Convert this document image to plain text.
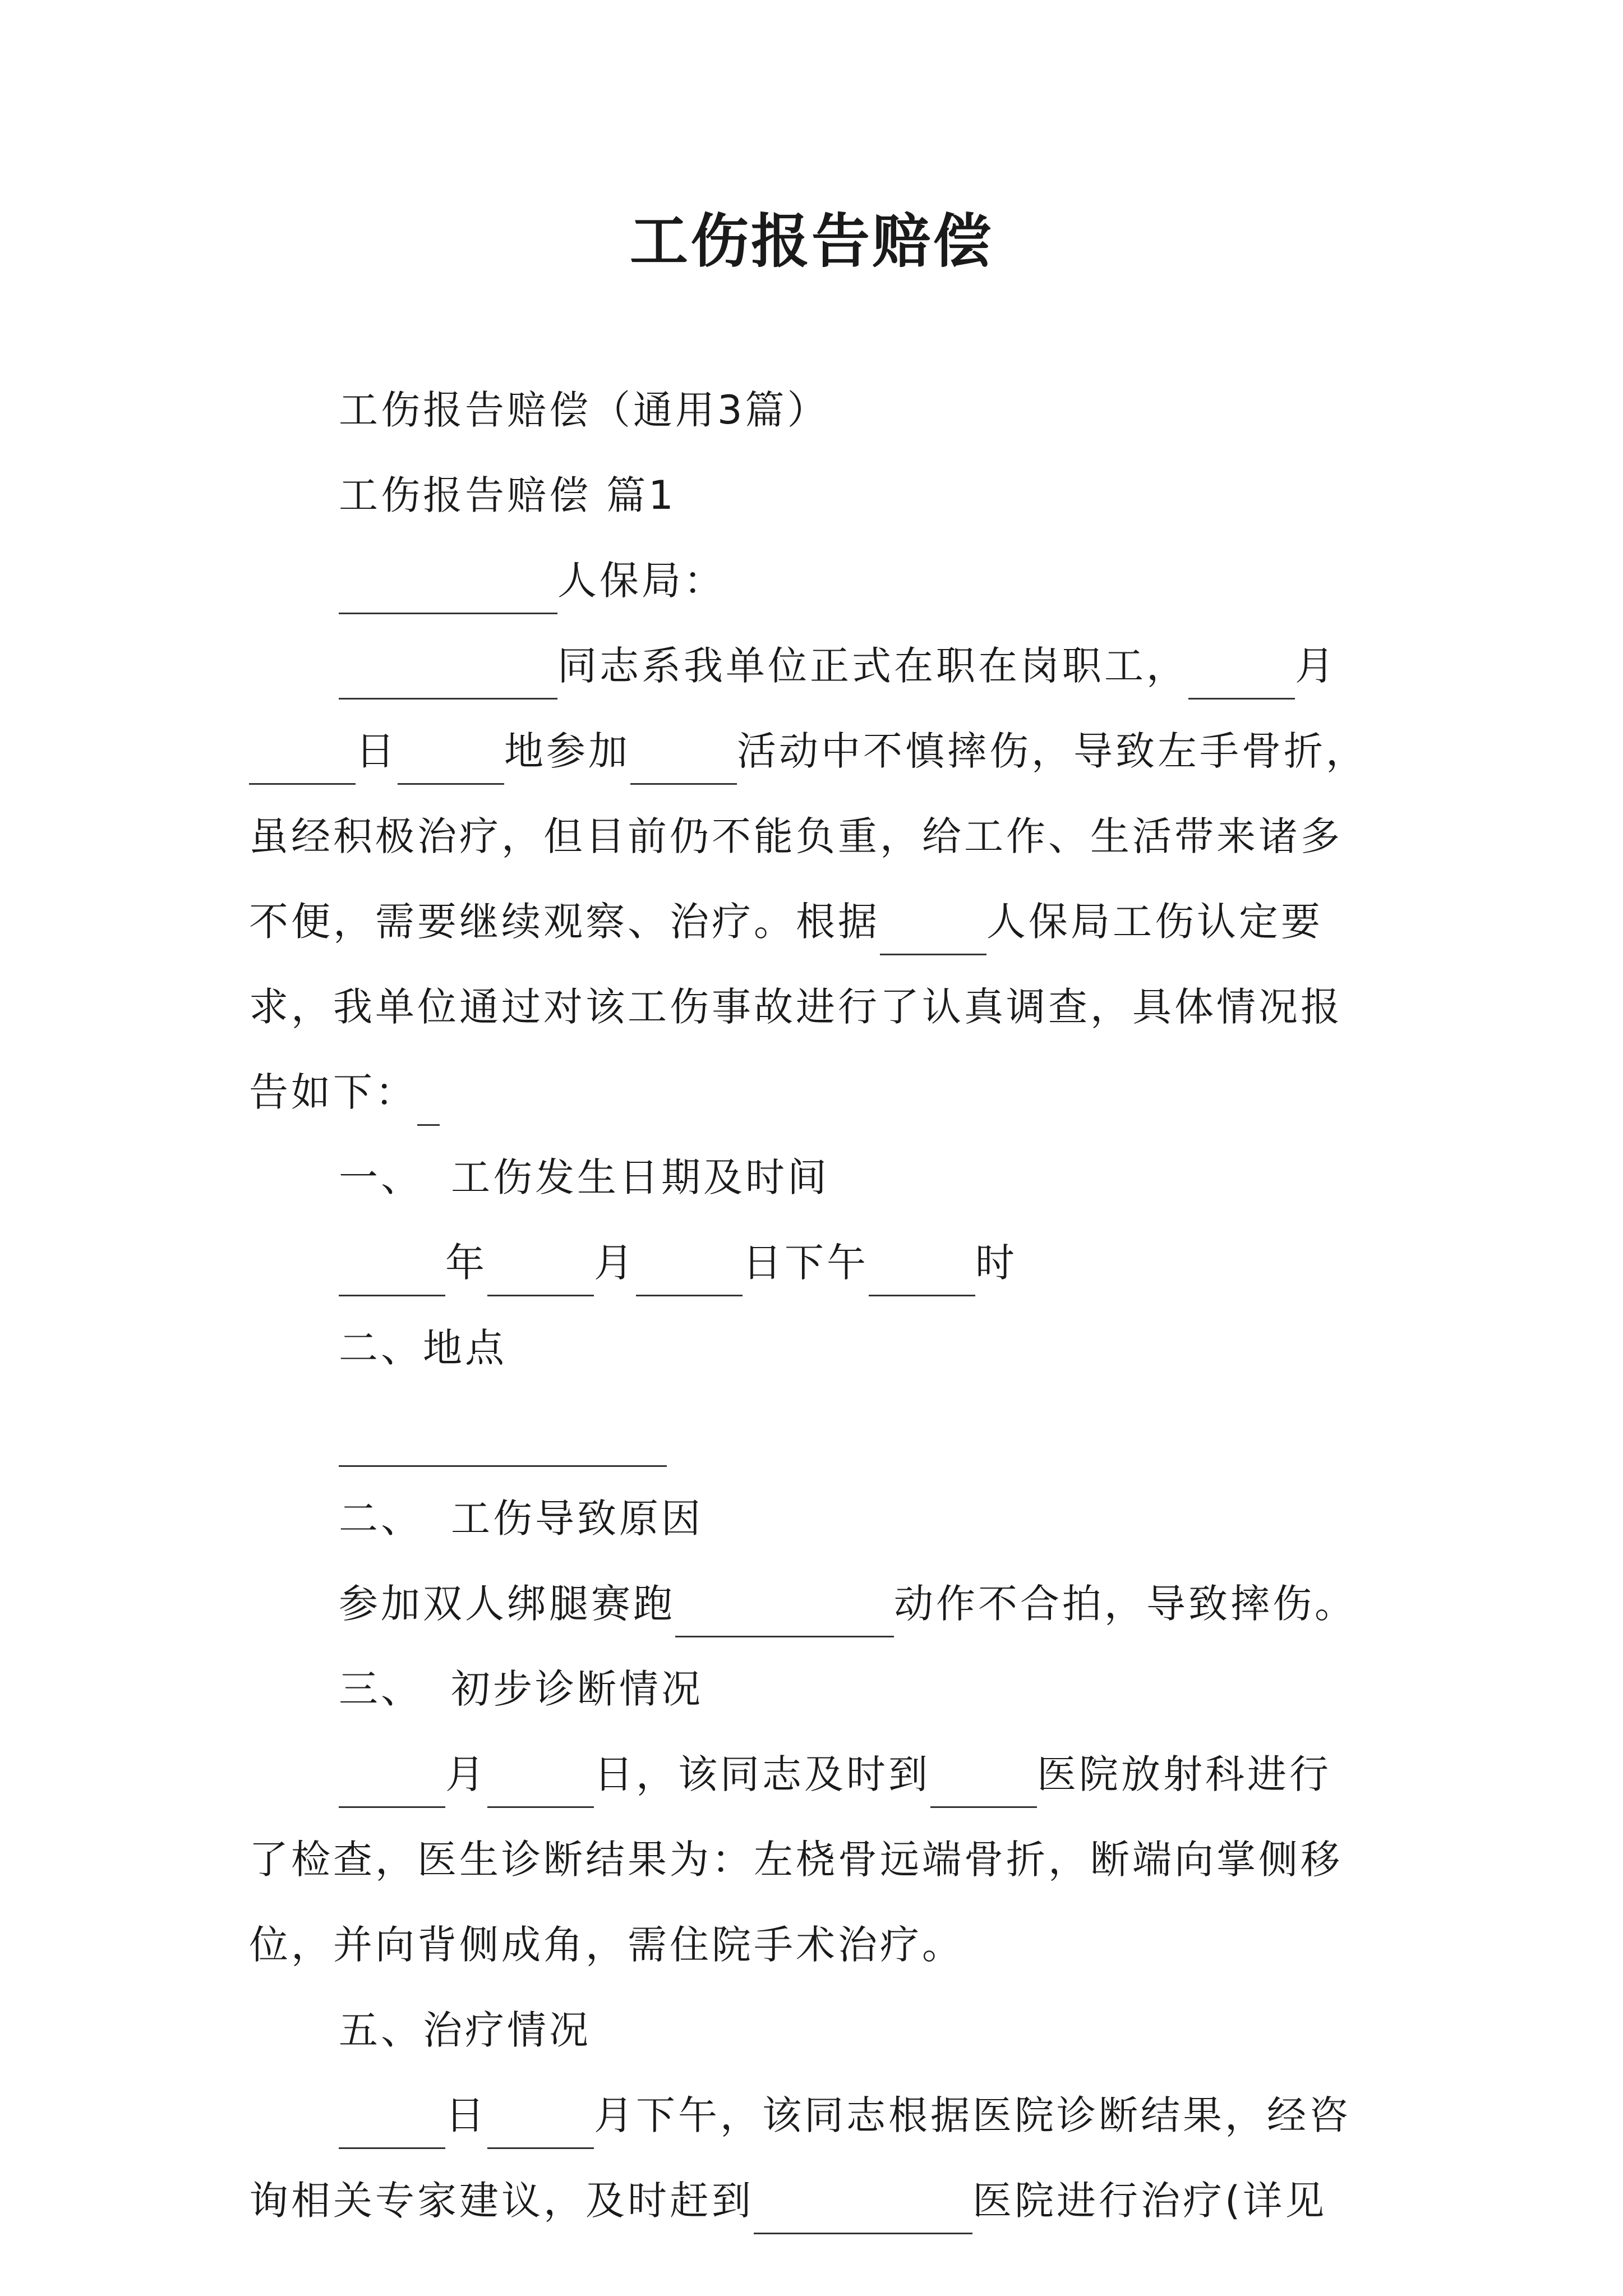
工伤报告赔偿
工伤报告赔偿（通用3篇）
工伤报告赔偿 篇1
人保局：
同志系我单位正式在职在岗职工，	月
日	地参加	活动中不慎摔伤，导致左手骨折，
虽经积极治疗，但目前仍不能负重，给工作、生活带来诸多
不便，需要继续观察、治疗。根据	人保局工伤认定要
求，我单位通过对该工伤事故进行了认真调查，具体情况报
告如下：
一、 工伤发生日期及时间
年	月	日下午	时
二、地点
二、 工伤导致原因
参加双人绑腿赛跑	动作不合拍，导致摔伤。
三、 初步诊断情况
月	日，该同志及时到	医院放射科进行
了检查，医生诊断结果为：左桡骨远端骨折，断端向掌侧移
位，并向背侧成角，需住院手术治疗。
五、治疗情况
日	月下午，该同志根据医院诊断结果，经咨
询相关专家建议，及时赶到	医院进行治疗(详见
